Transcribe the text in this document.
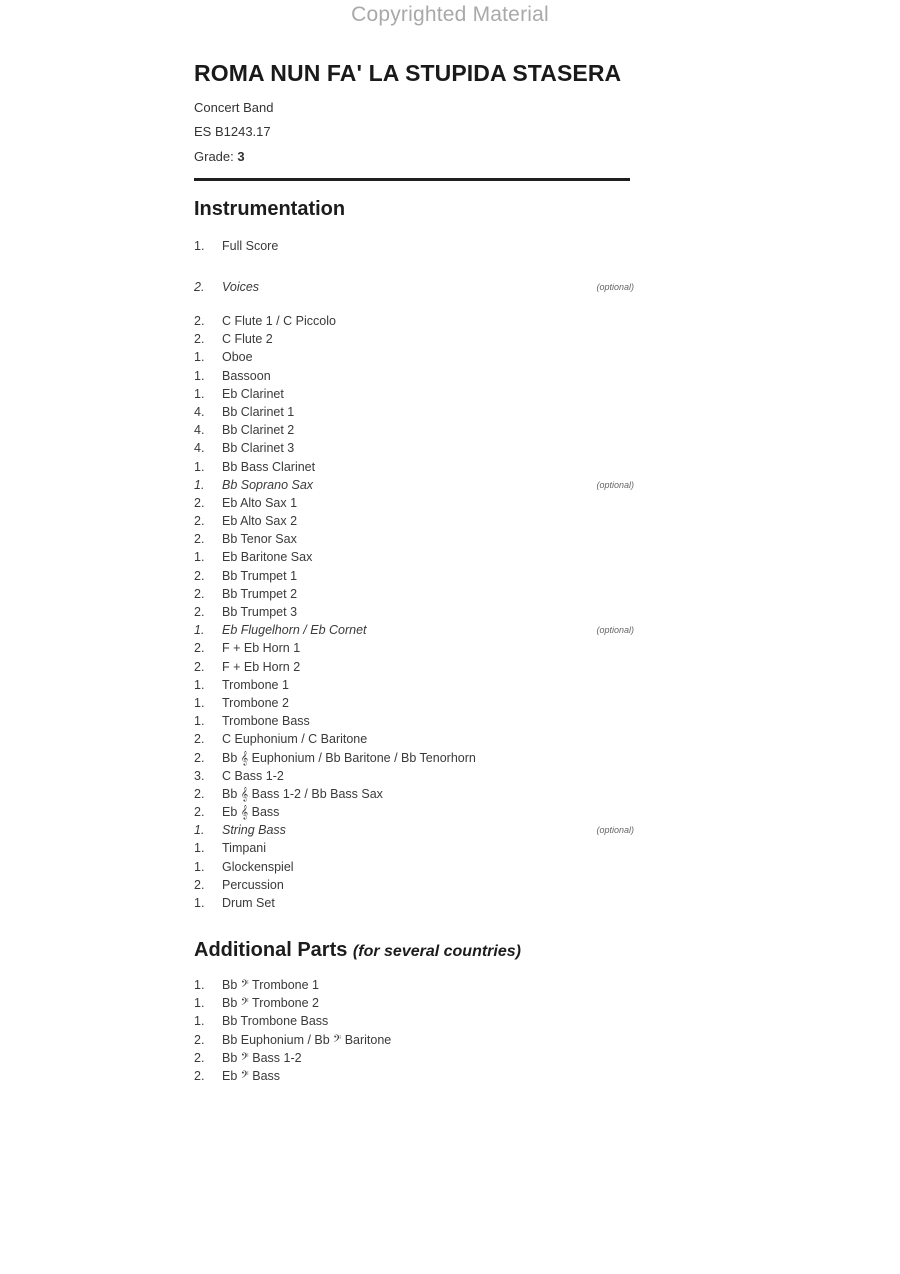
Copyrighted Material
ROMA NUN FA' LA STUPIDA STASERA
Concert Band
ES B1243.17
Grade: 3
Instrumentation
1. Full Score
2. Voices	(optional)
2. C Flute 1 / C Piccolo
2. C Flute 2
1. Oboe
1. Bassoon
1. Eb Clarinet
4. Bb Clarinet 1
4. Bb Clarinet 2
4. Bb Clarinet 3
1. Bb Bass Clarinet
1. Bb Soprano Sax	(optional)
2. Eb Alto Sax 1
2. Eb Alto Sax 2
2. Bb Tenor Sax
1. Eb Baritone Sax
2. Bb Trumpet 1
2. Bb Trumpet 2
2. Bb Trumpet 3
1. Eb Flugelhorn / Eb Cornet	(optional)
2. F + Eb Horn 1
2. F + Eb Horn 2
1. Trombone 1
1. Trombone 2
1. Trombone Bass
2. C Euphonium / C Baritone
2. Bb 𝄞 Euphonium / Bb Baritone / Bb Tenorhorn
3. C Bass 1-2
2. Bb 𝄞 Bass 1-2 / Bb Bass Sax
2. Eb 𝄞 Bass
1. String Bass	(optional)
1. Timpani
1. Glockenspiel
2. Percussion
1. Drum Set
Additional Parts (for several countries)
1. Bb 𝄢 Trombone 1
1. Bb 𝄢 Trombone 2
1. Bb Trombone Bass
2. Bb Euphonium / Bb 𝄢 Baritone
2. Bb 𝄢 Bass 1-2
2. Eb 𝄢 Bass
